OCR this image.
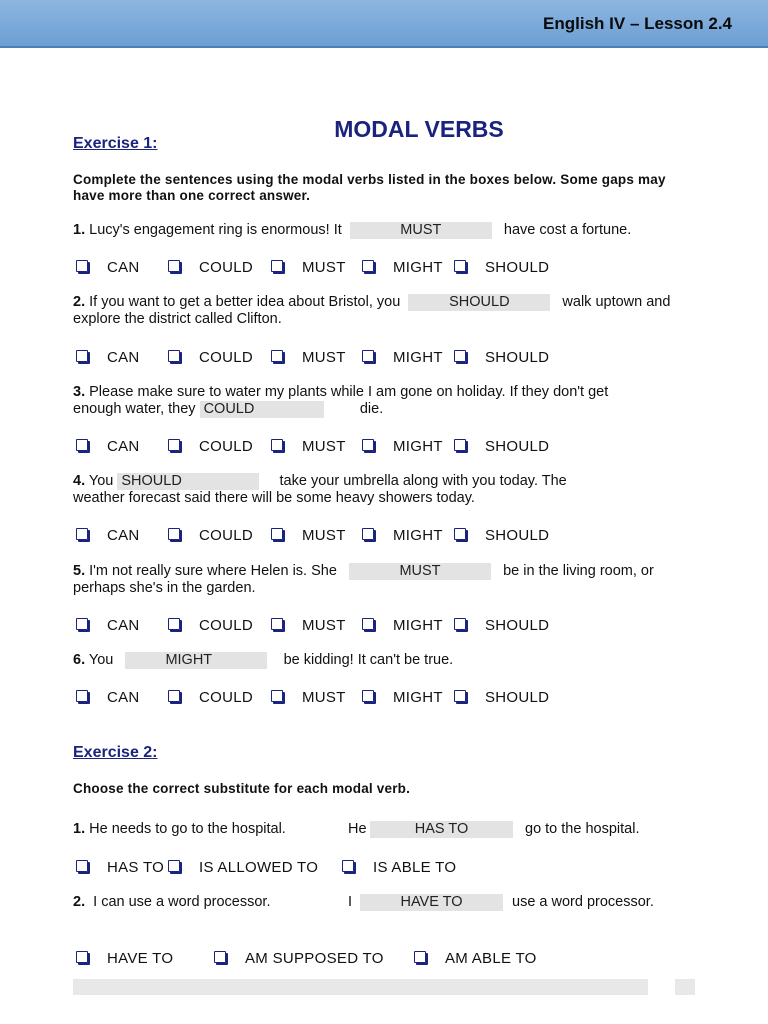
English IV – Lesson 2.4
MODAL VERBS
Exercise 1:
Complete the sentences using the modal verbs listed in the boxes below. Some gaps may have more than one correct answer.
1. Lucy's engagement ring is enormous! It	MUST	have cost a fortune.
CAN	COULD	MUST	MIGHT	SHOULD
2. If you want to get a better idea about Bristol, you	SHOULD	walk uptown and explore the district called Clifton.
CAN	COULD	MUST	MIGHT	SHOULD
3. Please make sure to water my plants while I am gone on holiday. If they don't get enough water, they COULD	die.
CAN	COULD	MUST	MIGHT	SHOULD
4. You SHOULD	take your umbrella along with you today. The weather forecast said there will be some heavy showers today.
CAN	COULD	MUST	MIGHT	SHOULD
5. I'm not really sure where Helen is. She	MUST	be in the living room, or perhaps she's in the garden.
CAN	COULD	MUST	MIGHT	SHOULD
6. You	MIGHT	be kidding! It can't be true.
CAN	COULD	MUST	MIGHT	SHOULD
Exercise 2:
Choose the correct substitute for each modal verb.
1. He needs to go to the hospital.	He	HAS TO	go to the hospital.
HAS TO IS ALLOWED TO	IS ABLE TO
2. I can use a word processor.	I	HAVE TO	use a word processor.
HAVE TO	AM SUPPOSED TO	AM ABLE TO
